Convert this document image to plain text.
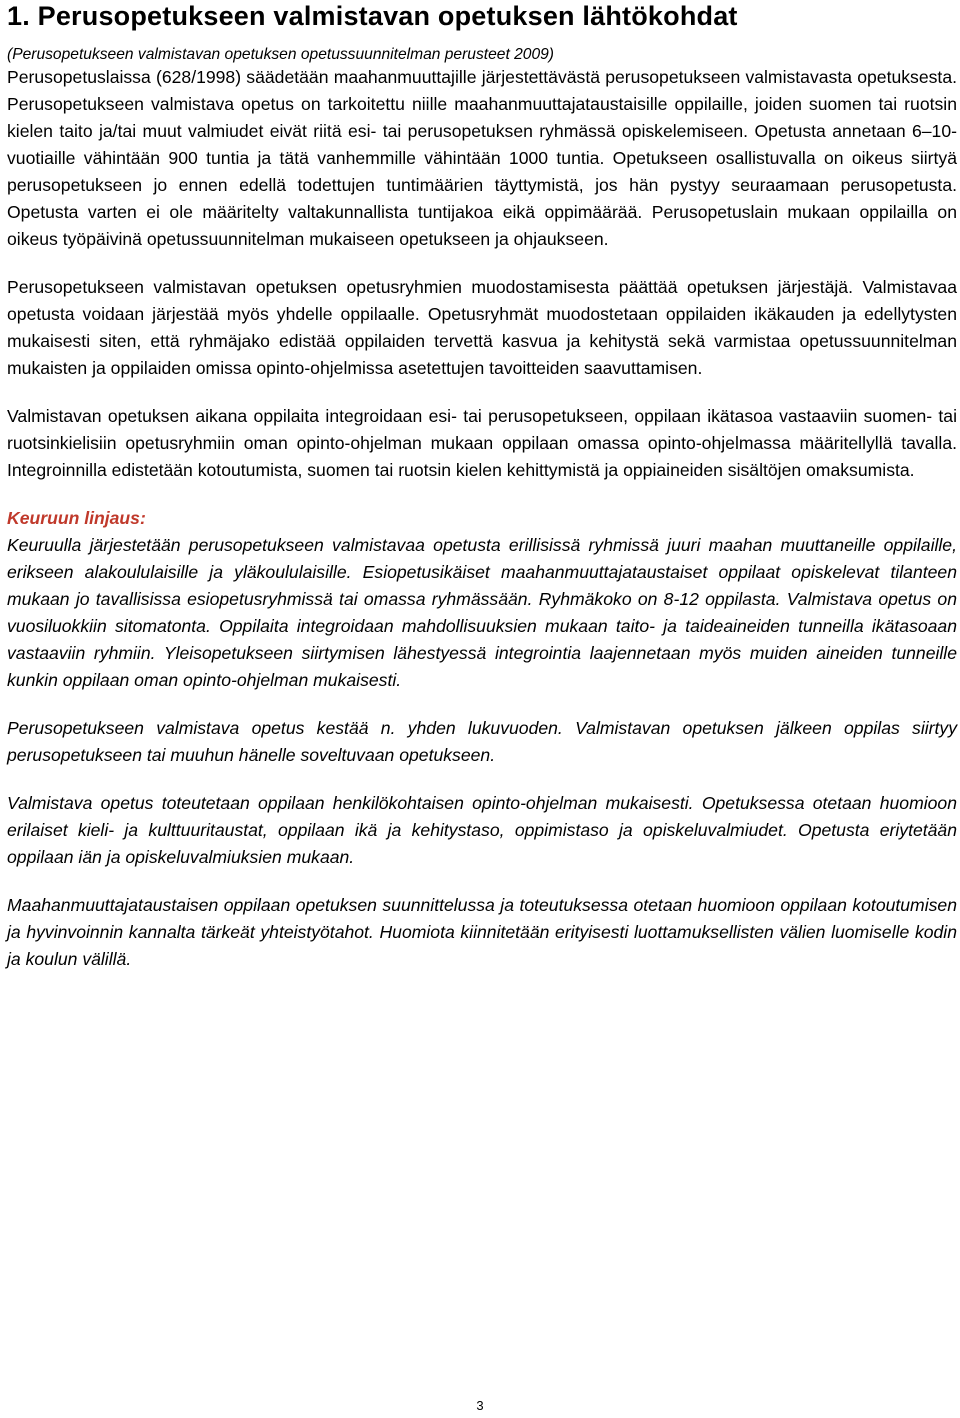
1. Perusopetukseen valmistavan opetuksen lähtökohdat

(Perusopetukseen valmistavan opetuksen opetussuunnitelman perusteet 2009)

Perusopetuslaissa (628/1998) säädetään maahanmuuttajille järjestettävästä perusopetukseen valmistavasta opetuksesta. Perusopetukseen valmistava opetus on tarkoitettu niille maahanmuuttajataustaisille oppilaille, joiden suomen tai ruotsin kielen taito ja/tai muut valmiudet eivät riitä esi- tai perusopetuksen ryhmässä opiskelemiseen. Opetusta annetaan 6–10-vuotiaille vähintään 900 tuntia ja tätä vanhemmille vähintään 1000 tuntia. Opetukseen osallistuvalla on oikeus siirtyä perusopetukseen jo ennen edellä todettujen tuntimäärien täyttymistä, jos hän pystyy seuraamaan perusopetusta. Opetusta varten ei ole määritelty valtakunnallista tuntijakoa eikä oppimäärää. Perusopetuslain mukaan oppilailla on oikeus työpäivinä opetussuunnitelman mukaiseen opetukseen ja ohjaukseen.

Perusopetukseen valmistavan opetuksen opetusryhmien muodostamisesta päättää opetuksen järjestäjä. Valmistavaa opetusta voidaan järjestää myös yhdelle oppilaalle. Opetusryhmät muodostetaan oppilaiden ikäkauden ja edellytysten mukaisesti siten, että ryhmäjako edistää oppilaiden tervettä kasvua ja kehitystä sekä varmistaa opetussuunnitelman mukaisten ja oppilaiden omissa opinto-ohjelmissa asetettujen tavoitteiden saavuttamisen.

Valmistavan opetuksen aikana oppilaita integroidaan esi- tai perusopetukseen, oppilaan ikätasoa vastaaviin suomen- tai ruotsinkielisiin opetusryhmiin oman opinto-ohjelman mukaan oppilaan omassa opinto-ohjelmassa määritellyllä tavalla. Integroinnilla edistetään kotoutumista, suomen tai ruotsin kielen kehittymistä ja oppiaineiden sisältöjen omaksumista.

Keuruun linjaus:

Keuruulla järjestetään perusopetukseen valmistavaa opetusta erillisissä ryhmissä juuri maahan muuttaneille oppilaille, erikseen alakoululaisille ja yläkoululaisille. Esiopetusikäiset maahanmuuttajataustaiset oppilaat opiskelevat tilanteen mukaan jo tavallisissa esiopetusryhmissä tai omassa ryhmässään. Ryhmäkoko on 8-12 oppilasta. Valmistava opetus on vuosiluokkiin sitomatonta. Oppilaita integroidaan mahdollisuuksien mukaan taito- ja taideaineiden tunneilla ikätasoaan vastaaviin ryhmiin. Yleisopetukseen siirtymisen lähestyessä integrointia laajennetaan myös muiden aineiden tunneille kunkin oppilaan oman opinto-ohjelman mukaisesti.

Perusopetukseen valmistava opetus kestää n. yhden lukuvuoden. Valmistavan opetuksen jälkeen oppilas siirtyy perusopetukseen tai muuhun hänelle soveltuvaan opetukseen.

Valmistava opetus toteutetaan oppilaan henkilökohtaisen opinto-ohjelman mukaisesti. Opetuksessa otetaan huomioon erilaiset kieli- ja kulttuuritaustat, oppilaan ikä ja kehitystaso, oppimistaso ja opiskeluvalmiudet. Opetusta eriytetään oppilaan iän ja opiskeluvalmiuksien mukaan.

Maahanmuuttajataustaisen oppilaan opetuksen suunnittelussa ja toteutuksessa otetaan huomioon oppilaan kotoutumisen ja hyvinvoinnin kannalta tärkeät yhteistyötahot. Huomiota kiinnitetään erityisesti luottamuksellisten välien luomiselle kodin ja koulun välillä.

3
